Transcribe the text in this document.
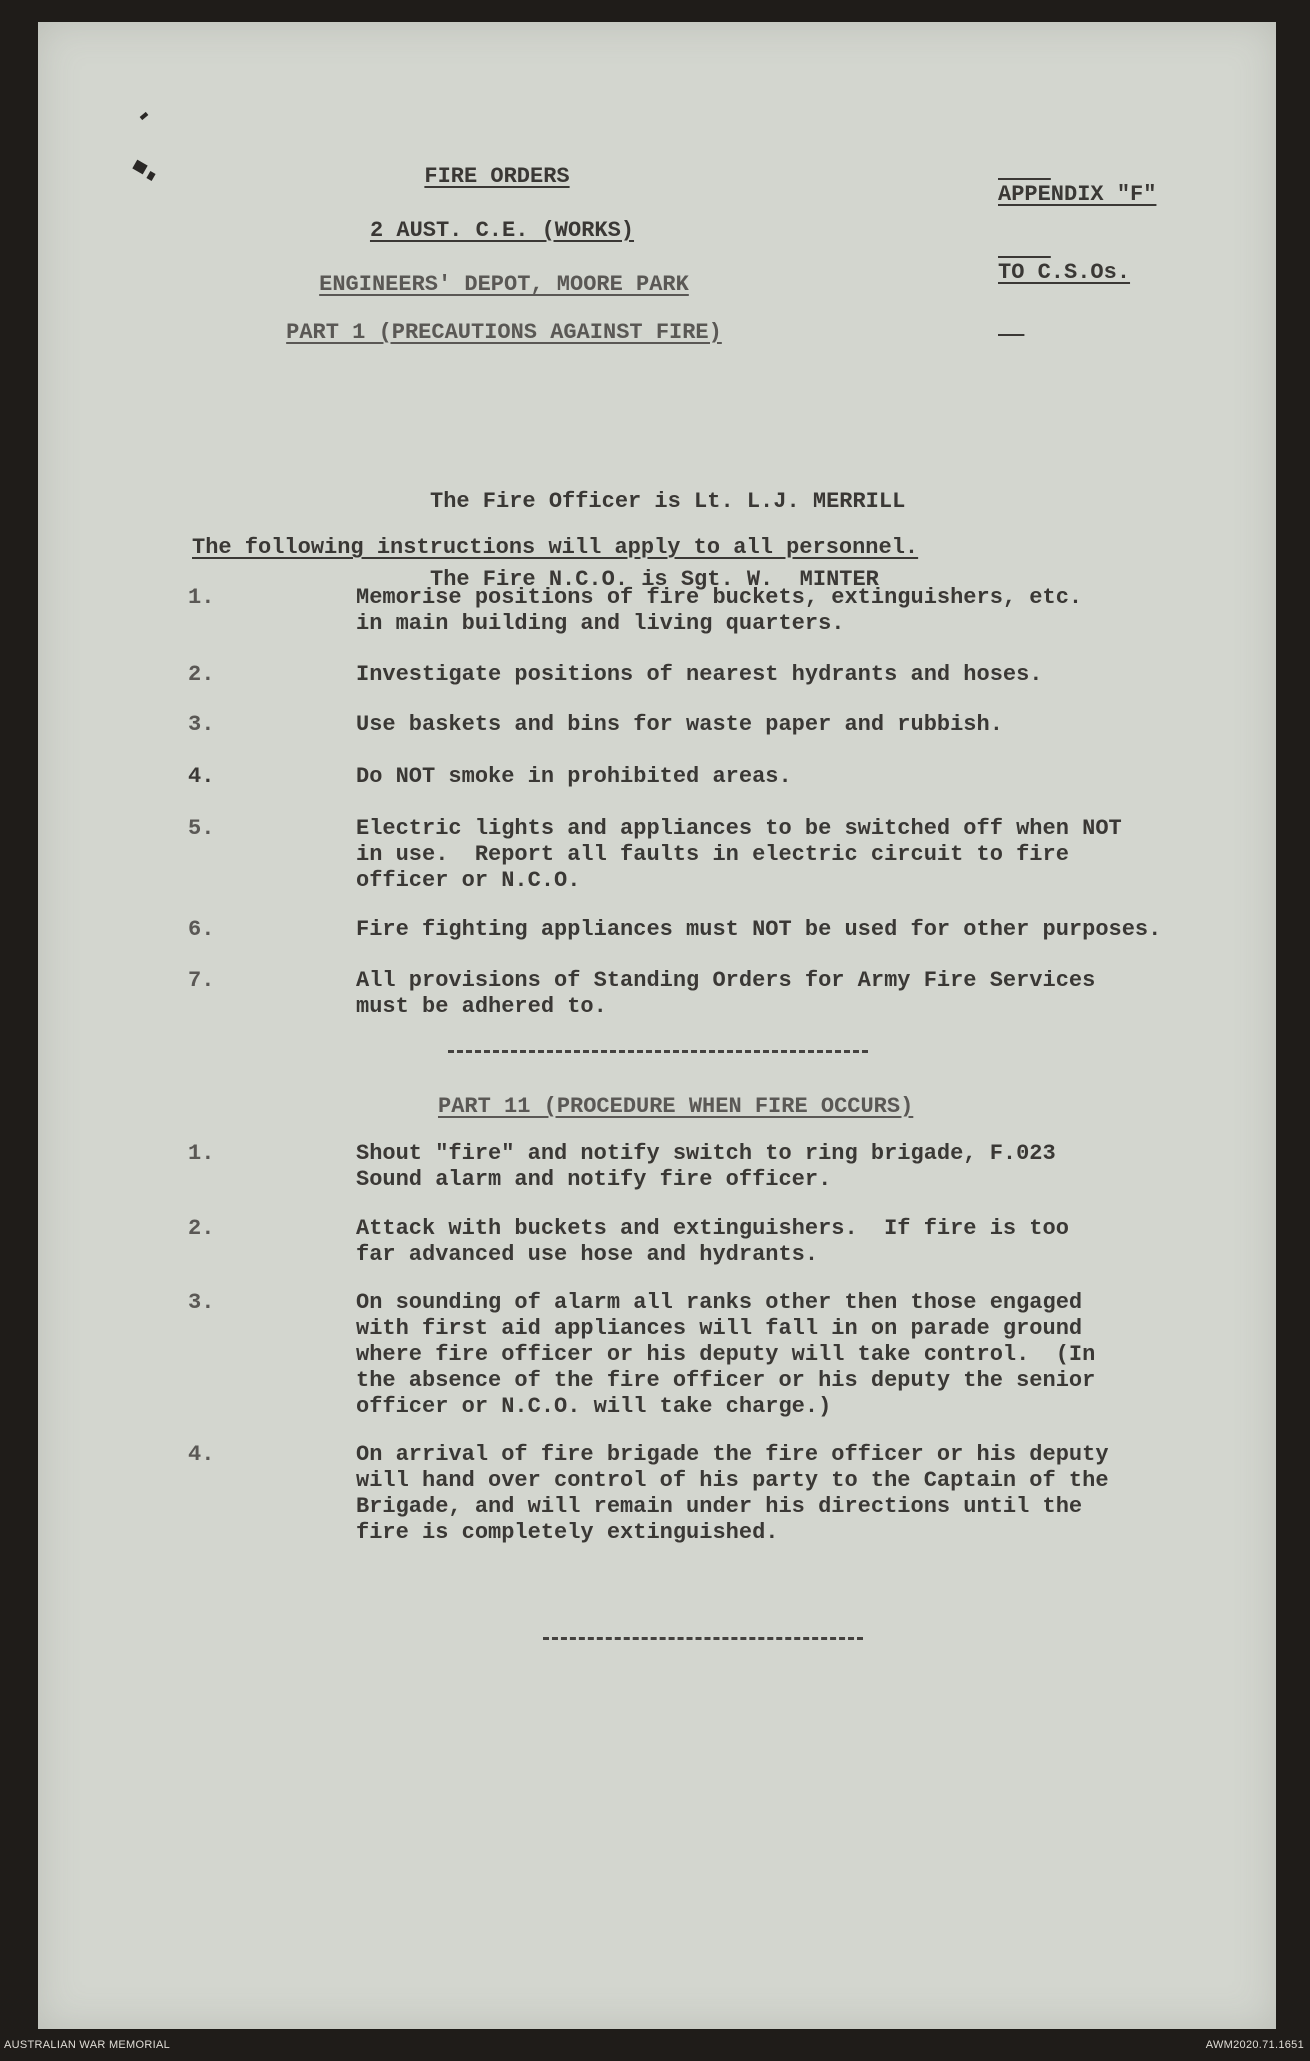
APPENDIX "F"

TO C.S.Os.

FIRE ORDERS
2 AUST. C.E. (WORKS)
ENGINEERS' DEPOT, MOORE PARK
PART 1 (PRECAUTIONS AGAINST FIRE)

The Fire Officer is Lt. L.J. MERRILL

The Fire N.C.O. is Sgt. W.  MINTER

The following instructions will apply to all personnel.
1.	Memorise positions of fire buckets, extinguishers, etc.
in main building and living quarters.
2.	Investigate positions of nearest hydrants and hoses.
3.	Use baskets and bins for waste paper and rubbish.
4.	Do NOT smoke in prohibited areas.
5.	Electric lights and appliances to be switched off when NOT
in use.  Report all faults in electric circuit to fire
officer or N.C.O.
6.	Fire fighting appliances must NOT be used for other purposes.
7.	All provisions of Standing Orders for Army Fire Services
must be adhered to.
PART 11 (PROCEDURE WHEN FIRE OCCURS)
1.	Shout "fire" and notify switch to ring brigade, F.023
Sound alarm and notify fire officer.
2.	Attack with buckets and extinguishers.  If fire is too
far advanced use hose and hydrants.
3.	On sounding of alarm all ranks other then those engaged
with first aid appliances will fall in on parade ground
where fire officer or his deputy will take control.  (In
the absence of the fire officer or his deputy the senior
officer or N.C.O. will take charge.)
4.	On arrival of fire brigade the fire officer or his deputy
will hand over control of his party to the Captain of the
Brigade, and will remain under his directions until the
fire is completely extinguished.
AUSTRALIAN WAR MEMORIAL	AWM2020.71.1651
